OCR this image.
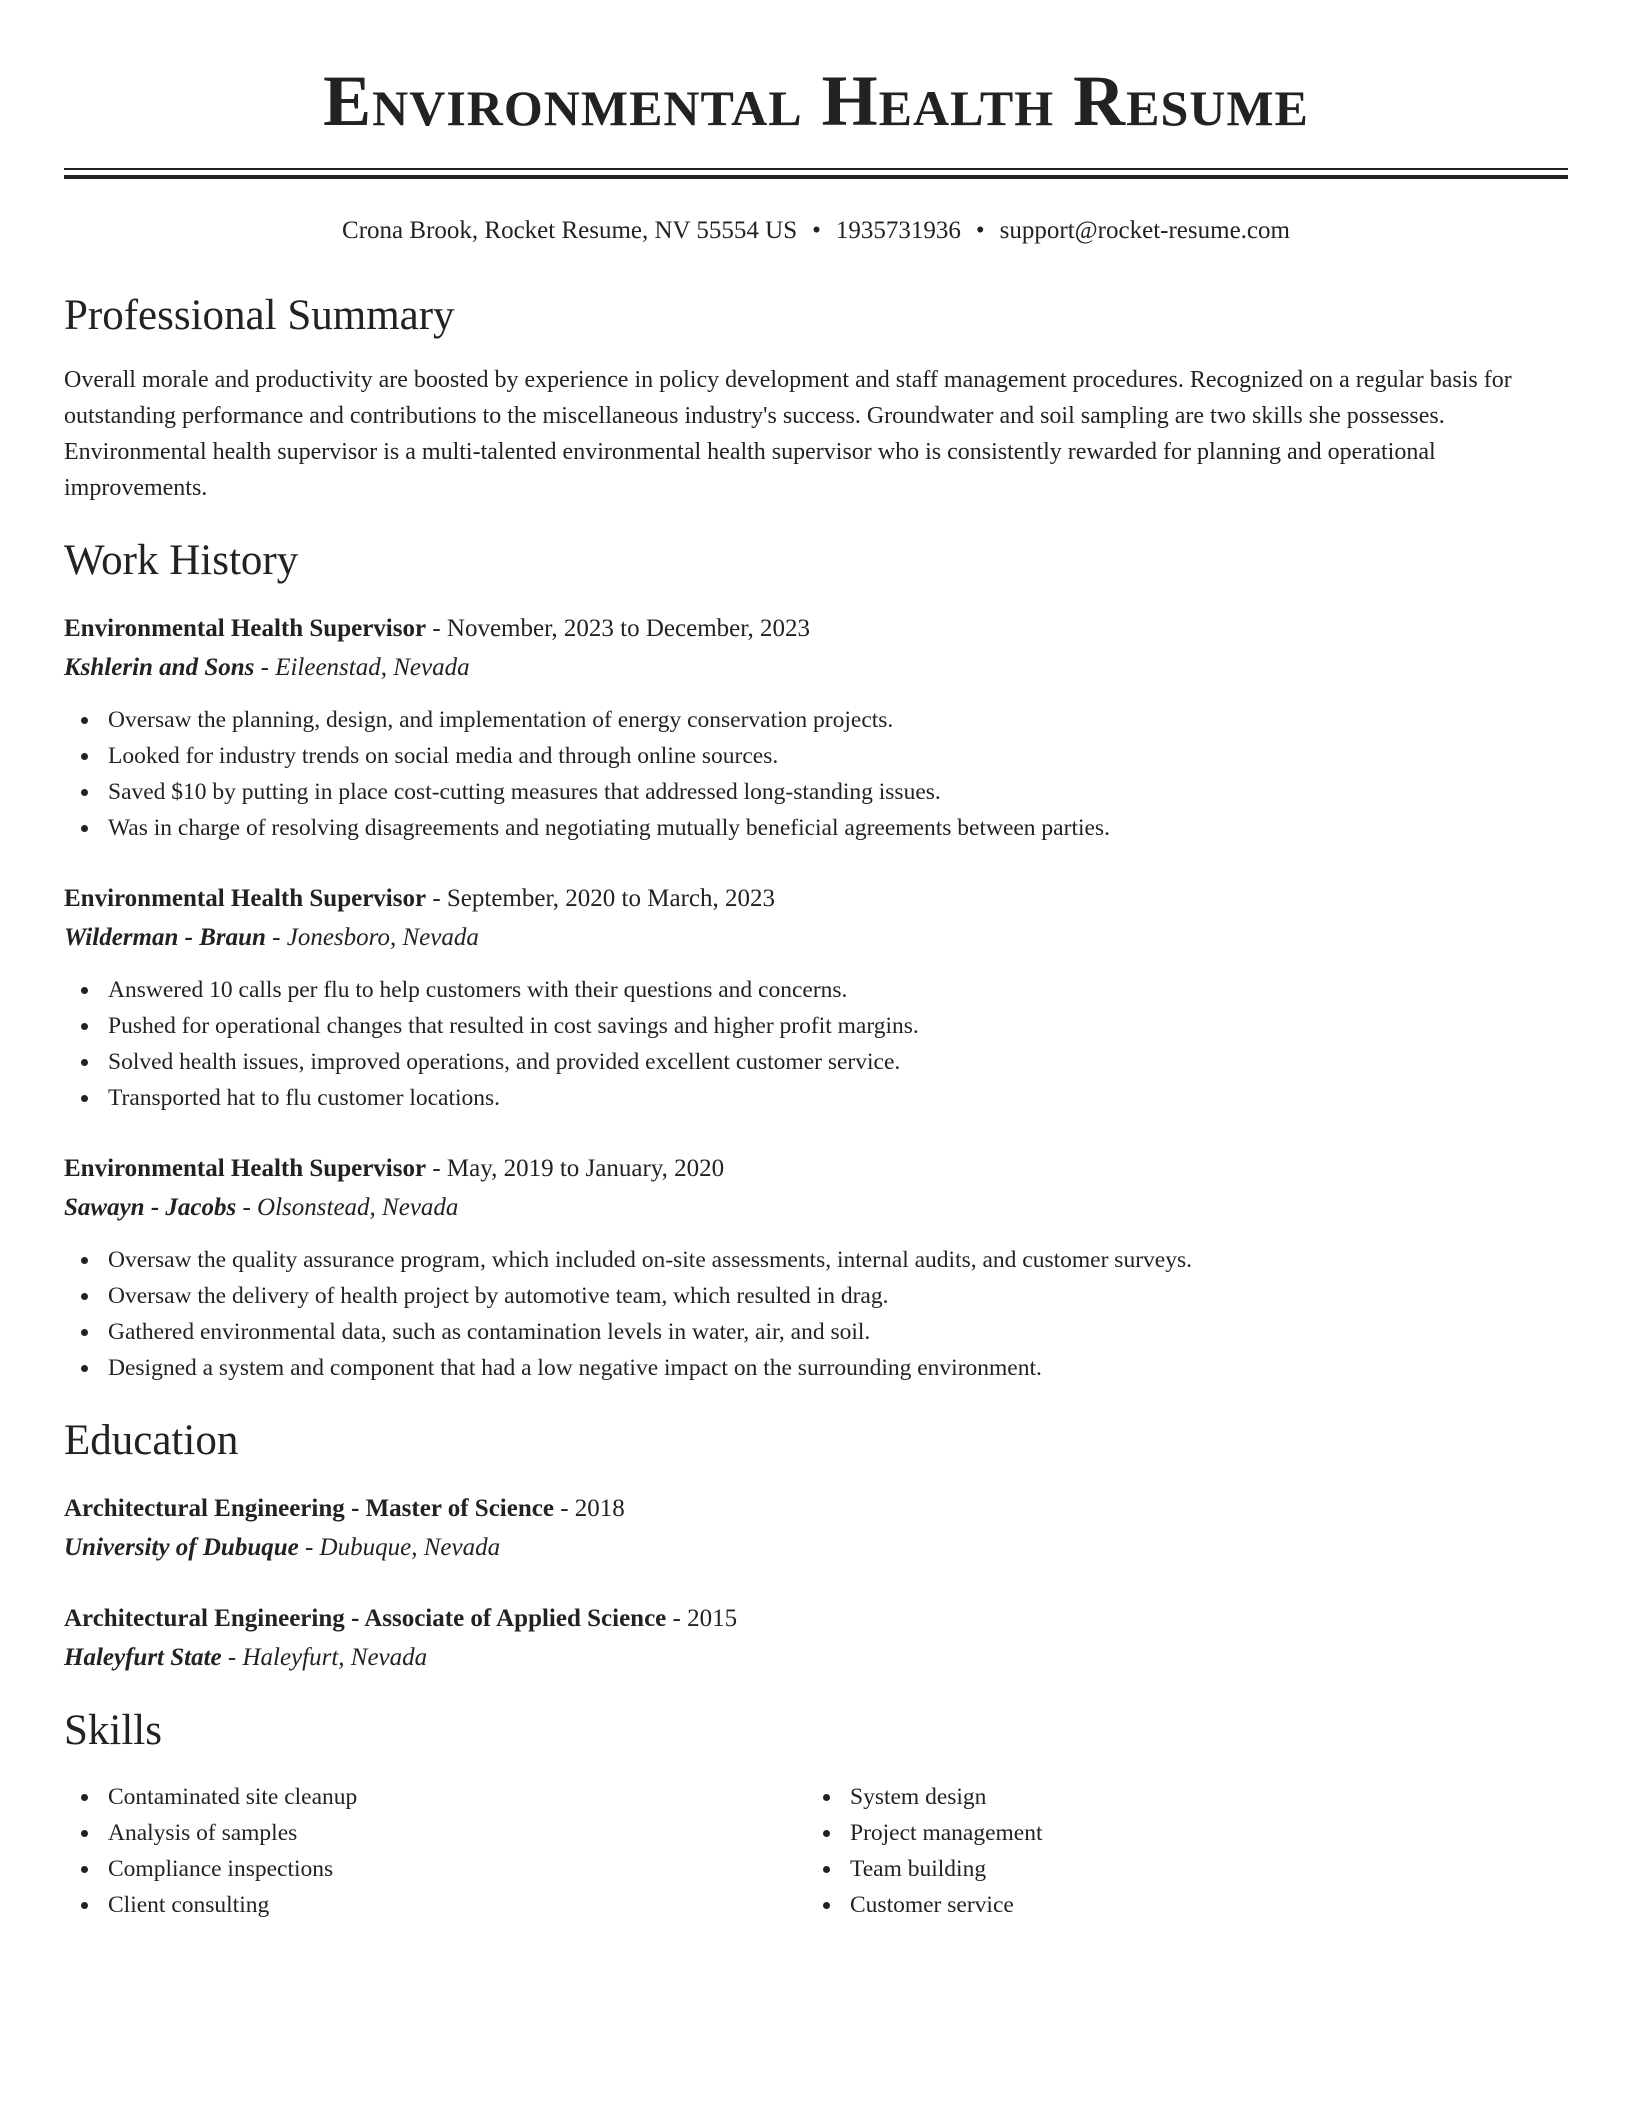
Environmental Health Resume
Crona Brook, Rocket Resume, NV 55554 US • 1935731936 • support@rocket-resume.com
Professional Summary

Overall morale and productivity are boosted by experience in policy development and staff management procedures. Recognized on a regular basis for outstanding performance and contributions to the miscellaneous industry's success. Groundwater and soil sampling are two skills she possesses. Environmental health supervisor is a multi-talented environmental health supervisor who is consistently rewarded for planning and operational improvements.

Work History
Environmental Health Supervisor - November, 2023 to December, 2023
Kshlerin and Sons - Eileenstad, Nevada
Oversaw the planning, design, and implementation of energy conservation projects.
Looked for industry trends on social media and through online sources.
Saved $10 by putting in place cost-cutting measures that addressed long-standing issues.
Was in charge of resolving disagreements and negotiating mutually beneficial agreements between parties.
Environmental Health Supervisor - September, 2020 to March, 2023
Wilderman - Braun - Jonesboro, Nevada
Answered 10 calls per flu to help customers with their questions and concerns.
Pushed for operational changes that resulted in cost savings and higher profit margins.
Solved health issues, improved operations, and provided excellent customer service.
Transported hat to flu customer locations.
Environmental Health Supervisor - May, 2019 to January, 2020
Sawayn - Jacobs - Olsonstead, Nevada
Oversaw the quality assurance program, which included on-site assessments, internal audits, and customer surveys.
Oversaw the delivery of health project by automotive team, which resulted in drag.
Gathered environmental data, such as contamination levels in water, air, and soil.
Designed a system and component that had a low negative impact on the surrounding environment.
Education
Architectural Engineering - Master of Science - 2018
University of Dubuque - Dubuque, Nevada
Architectural Engineering - Associate of Applied Science - 2015
Haleyfurt State - Haleyfurt, Nevada
Skills
Contaminated site cleanup
Analysis of samples
Compliance inspections
Client consulting
System design
Project management
Team building
Customer service
